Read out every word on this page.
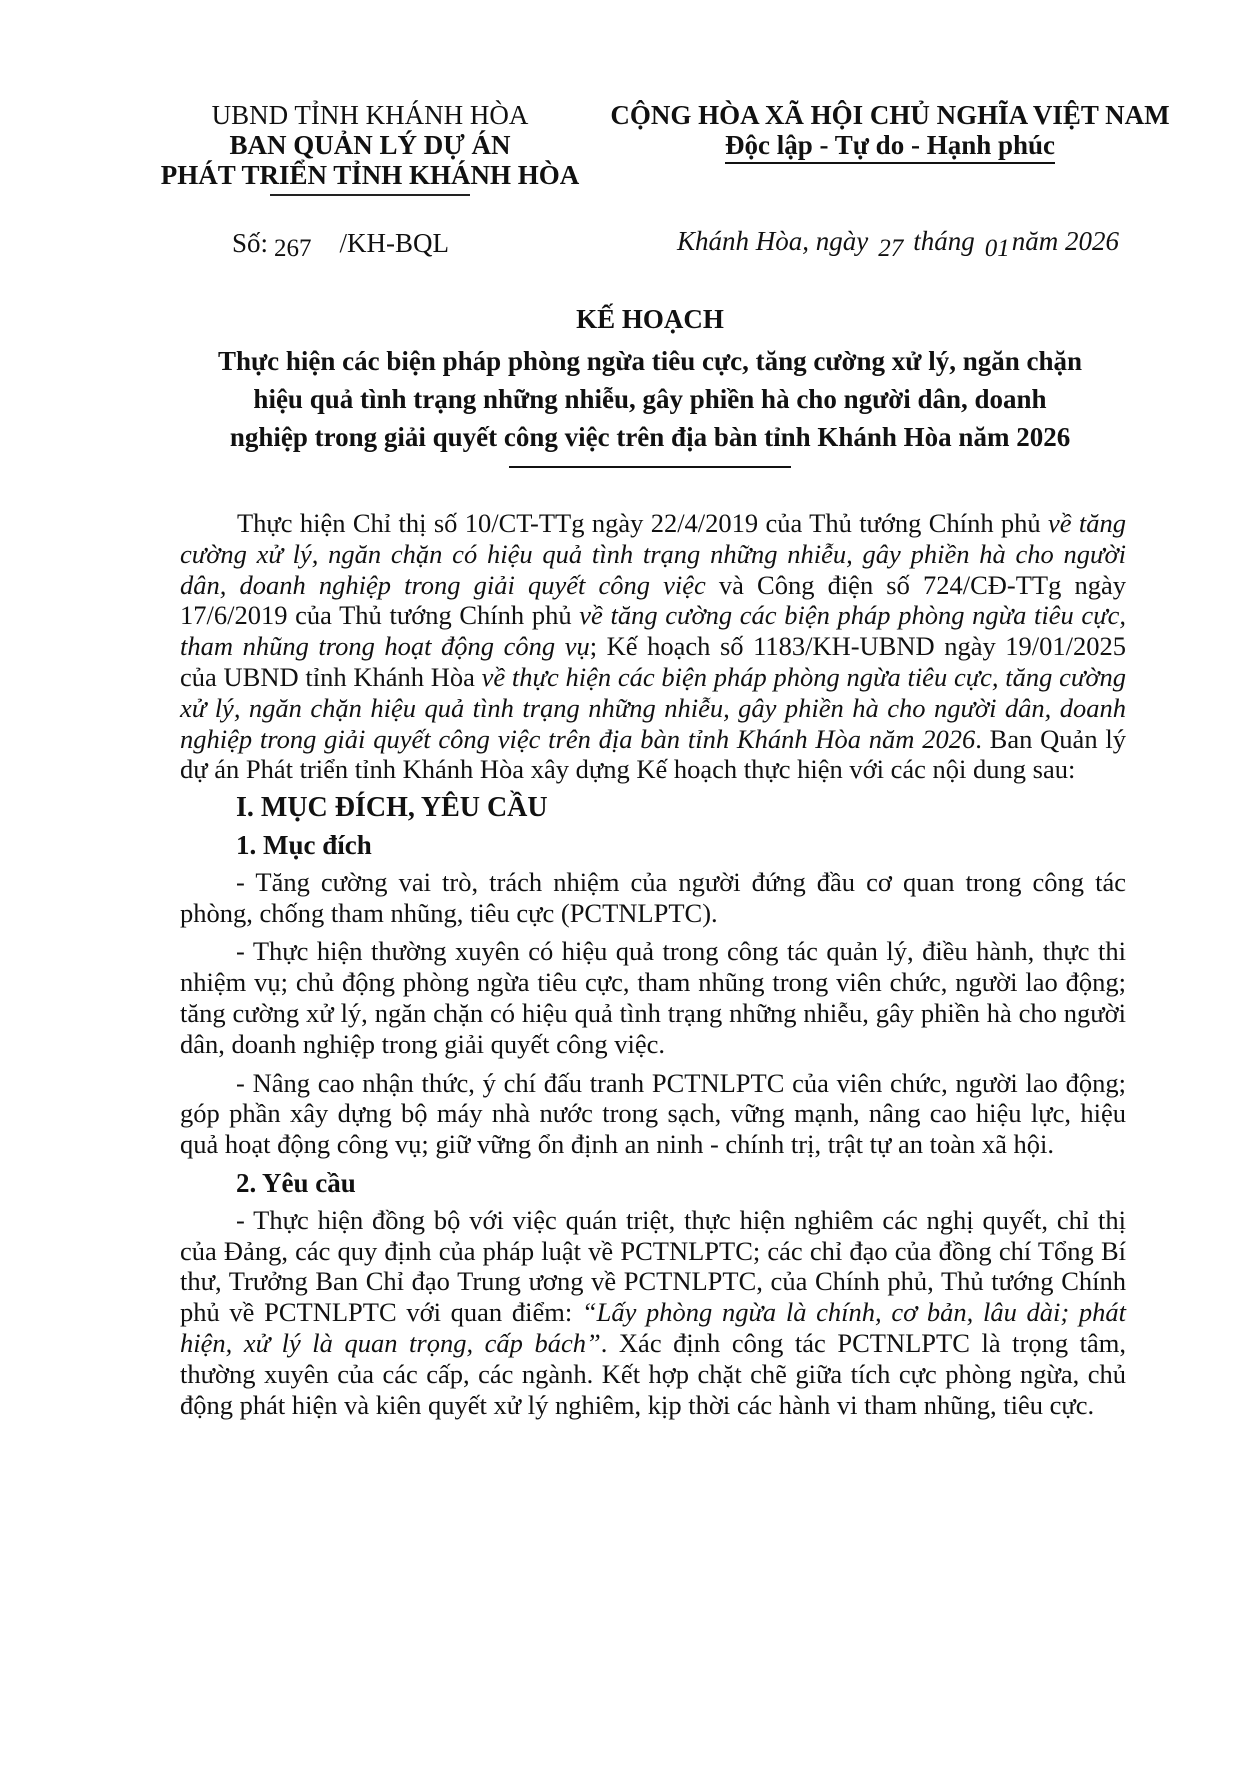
UBND TỈNH KHÁNH HÒA
BAN QUẢN LÝ DỰ ÁN
PHÁT TRIỂN TỈNH KHÁNH HÒA
CỘNG HÒA XÃ HỘI CHỦ NGHĨA VIỆT NAM
Độc lập - Tự do - Hạnh phúc
Số: 267 /KH-BQL	Khánh Hòa, ngày 27 tháng 01năm 2026
KẾ HOẠCH
Thực hiện các biện pháp phòng ngừa tiêu cực, tăng cường xử lý, ngăn chặn
hiệu quả tình trạng những nhiễu, gây phiền hà cho người dân, doanh
nghiệp trong giải quyết công việc trên địa bàn tỉnh Khánh Hòa năm 2026

Thực hiện Chỉ thị số 10/CT-TTg ngày 22/4/2019 của Thủ tướng Chính phủ về tăng cường xử lý, ngăn chặn có hiệu quả tình trạng những nhiễu, gây phiền hà cho người dân, doanh nghiệp trong giải quyết công việc và Công điện số 724/CĐ-TTg ngày 17/6/2019 của Thủ tướng Chính phủ về tăng cường các biện pháp phòng ngừa tiêu cực, tham nhũng trong hoạt động công vụ; Kế hoạch số 1183/KH-UBND ngày 19/01/2025 của UBND tỉnh Khánh Hòa về thực hiện các biện pháp phòng ngừa tiêu cực, tăng cường xử lý, ngăn chặn hiệu quả tình trạng những nhiễu, gây phiền hà cho người dân, doanh nghiệp trong giải quyết công việc trên địa bàn tỉnh Khánh Hòa năm 2026. Ban Quản lý dự án Phát triển tỉnh Khánh Hòa xây dựng Kế hoạch thực hiện với các nội dung sau:

I. MỤC ĐÍCH, YÊU CẦU
1. Mục đích

- Tăng cường vai trò, trách nhiệm của người đứng đầu cơ quan trong công tác phòng, chống tham nhũng, tiêu cực (PCTNLPTC).

- Thực hiện thường xuyên có hiệu quả trong công tác quản lý, điều hành, thực thi nhiệm vụ; chủ động phòng ngừa tiêu cực, tham nhũng trong viên chức, người lao động; tăng cường xử lý, ngăn chặn có hiệu quả tình trạng những nhiễu, gây phiền hà cho người dân, doanh nghiệp trong giải quyết công việc.

- Nâng cao nhận thức, ý chí đấu tranh PCTNLPTC của viên chức, người lao động; góp phần xây dựng bộ máy nhà nước trong sạch, vững mạnh, nâng cao hiệu lực, hiệu quả hoạt động công vụ; giữ vững ổn định an ninh - chính trị, trật tự an toàn xã hội.

2. Yêu cầu

- Thực hiện đồng bộ với việc quán triệt, thực hiện nghiêm các nghị quyết, chỉ thị của Đảng, các quy định của pháp luật về PCTNLPTC; các chỉ đạo của đồng chí Tổng Bí thư, Trưởng Ban Chỉ đạo Trung ương về PCTNLPTC, của Chính phủ, Thủ tướng Chính phủ về PCTNLPTC với quan điểm: “Lấy phòng ngừa là chính, cơ bản, lâu dài; phát hiện, xử lý là quan trọng, cấp bách”. Xác định công tác PCTNLPTC là trọng tâm, thường xuyên của các cấp, các ngành. Kết hợp chặt chẽ giữa tích cực phòng ngừa, chủ động phát hiện và kiên quyết xử lý nghiêm, kịp thời các hành vi tham nhũng, tiêu cực.
